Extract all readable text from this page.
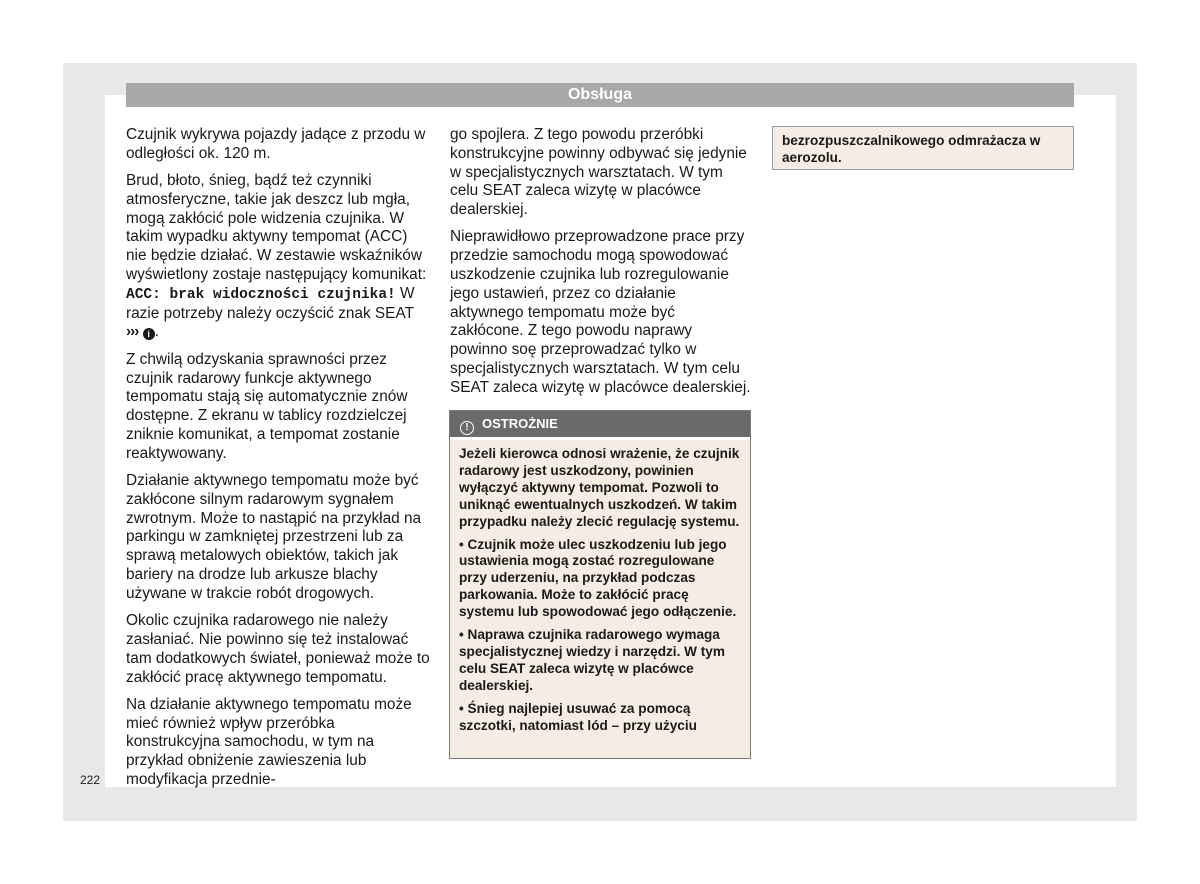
Obsługa

Czujnik wykrywa pojazdy jadące z przodu w odległości ok. 120 m.

Brud, błoto, śnieg, bądź też czynniki atmosferyczne, takie jak deszcz lub mgła, mogą zakłócić pole widzenia czujnika. W takim wypadku aktywny tempomat (ACC) nie będzie działać. W zestawie wskaźników wyświetlony zostaje następujący komunikat: ACC: brak widoczności czujnika! W razie potrzeby należy oczyścić znak SEAT ››› i .

Z chwilą odzyskania sprawności przez czujnik radarowy funkcje aktywnego tempomatu stają się automatycznie znów dostępne. Z ekranu w tablicy rozdzielczej zniknie komunikat, a tempomat zostanie reaktywowany.

Działanie aktywnego tempomatu może być zakłócone silnym radarowym sygnałem zwrotnym. Może to nastąpić na przykład na parkingu w zamkniętej przestrzeni lub za sprawą metalowych obiektów, takich jak bariery na drodze lub arkusze blachy używane w trakcie robót drogowych.

Okolic czujnika radarowego nie należy zasłaniać. Nie powinno się też instalować tam dodatkowych świateł, ponieważ może to zakłócić pracę aktywnego tempomatu.

Na działanie aktywnego tempomatu może mieć również wpływ przeróbka konstrukcyjna samochodu, w tym na przykład obniżenie zawieszenia lub modyfikacja przednie-

go spojlera. Z tego powodu przeróbki konstrukcyjne powinny odbywać się jedynie w specjalistycznych warsztatach. W tym celu SEAT zaleca wizytę w placówce dealerskiej.

Nieprawidłowo przeprowadzone prace przy przedzie samochodu mogą spowodować uszkodzenie czujnika lub rozregulowanie jego ustawień, przez co działanie aktywnego tempomatu może być zakłócone. Z tego powodu naprawy powinno soę przeprowadzać tylko w specjalistycznych warsztatach. W tym celu SEAT zaleca wizytę w placówce dealerskiej.

! OSTROŻNIE

Jeżeli kierowca odnosi wrażenie, że czujnik radarowy jest uszkodzony, powinien wyłączyć aktywny tempomat. Pozwoli to uniknąć ewentualnych uszkodzeń. W takim przypadku należy zlecić regulację systemu.

• Czujnik może ulec uszkodzeniu lub jego ustawienia mogą zostać rozregulowane przy uderzeniu, na przykład podczas parkowania. Może to zakłócić pracę systemu lub spowodować jego odłączenie.

• Naprawa czujnika radarowego wymaga specjalistycznej wiedzy i narzędzi. W tym celu SEAT zaleca wizytę w placówce dealerskiej.

• Śnieg najlepiej usuwać za pomocą szczotki, natomiast lód – przy użyciu

bezrozpuszczalnikowego odmrażacza w aerozolu.

222
